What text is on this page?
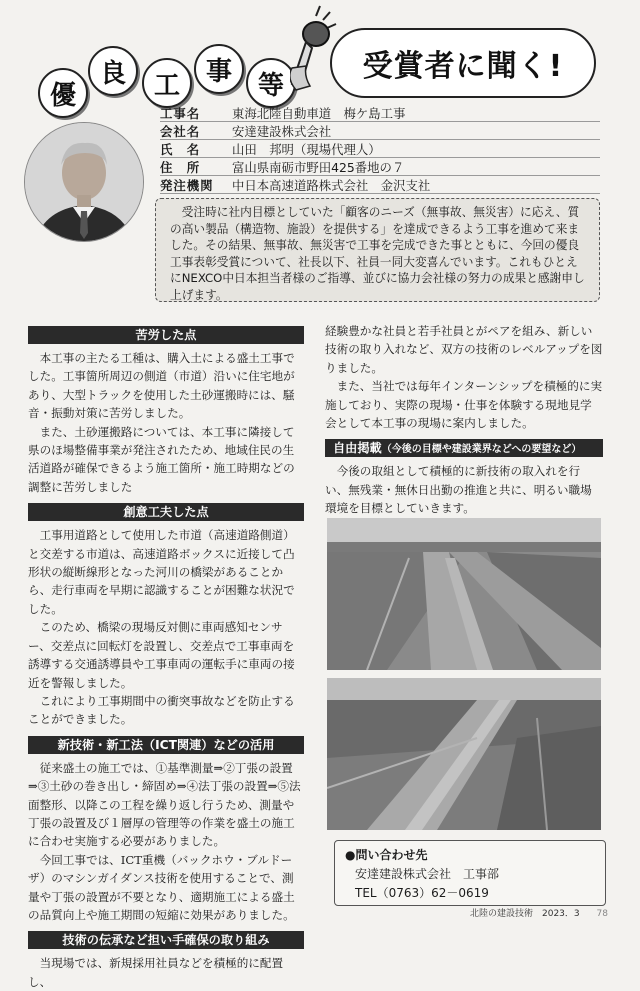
優
良	工 事 等
受賞者に聞く!
工事名	東海北陸自動車道　梅ケ島工事
会社名	安達建設株式会社
氏　名	山田　邦明（現場代理人）
住　所	富山県南砺市野田425番地の７
発注機関	中日本高速道路株式会社　金沢支社
　受注時に社内目標としていた「顧客のニーズ（無事故、無災害）に応え、質の高い製品（構造物、施設）を提供する」を達成できるよう工事を進めて来ました。その結果、無事故、無災害で工事を完成できた事とともに、今回の優良工事表彰受賞について、社長以下、社員一同大変喜んでいます。これもひとえにNEXCO中日本担当者様のご指導、並びに協力会社様の努力の成果と感謝申し上げます。
苦労した点

本工事の主たる工種は、購入土による盛土工事でした。工事箇所周辺の側道（市道）沿いに住宅地があり、大型トラックを使用した土砂運搬時には、騒音・振動対策に苦労しました。

また、土砂運搬路については、本工事に隣接して県のほ場整備事業が発注されたため、地域住民の生活道路が確保できるよう施工箇所・施工時期などの調整に苦労しました

創意工夫した点

工事用道路として使用した市道（高速道路側道）と交差する市道は、高速道路ボックスに近接して凸形状の縦断線形となった河川の橋梁があることから、走行車両を早期に認識することが困難な状況でした。

このため、橋梁の現場反対側に車両感知センサー、交差点に回転灯を設置し、交差点で工事車両を誘導する交通誘導員や工事車両の運転手に車両の接近を警報しました。

これにより工事期間中の衝突事故などを防止することができました。

新技術・新工法（ICT関連）などの活用

従来盛土の施工では、①基準測量⇒②丁張の設置⇒③土砂の巻き出し・締固め⇒④法丁張の設置⇒⑤法面整形、以降この工程を繰り返し行うため、測量や丁張の設置及び１層厚の管理等の作業を盛土の施工に合わせ実施する必要がありました。

今回工事では、ICT重機（バックホウ・ブルドーザ）のマシンガイダンス技術を使用することで、測量や丁張の設置が不要となり、適期施工による盛土の品質向上や施工期間の短縮に効果がありました。

技術の伝承など担い手確保の取り組み

当現場では、新規採用社員などを積極的に配置し、

経験豊かな社員と若手社員とがペアを組み、新しい技術の取り入れなど、双方の技術のレベルアップを図りました。

また、当社では毎年インターンシップを積極的に実施しており、実際の現場・仕事を体験する現地見学会として本工事の現場に案内しました。

自由掲載（今後の目標や建設業界などへの要望など）

今後の取組として積極的に新技術の取入れを行い、無残業・無休日出勤の推進と共に、明るい職場環境を目標としていきます。

●問い合わせ先
安達建設株式会社　工事部
TEL（0763）62－0619
北陸の建設技術　2023．3 78
